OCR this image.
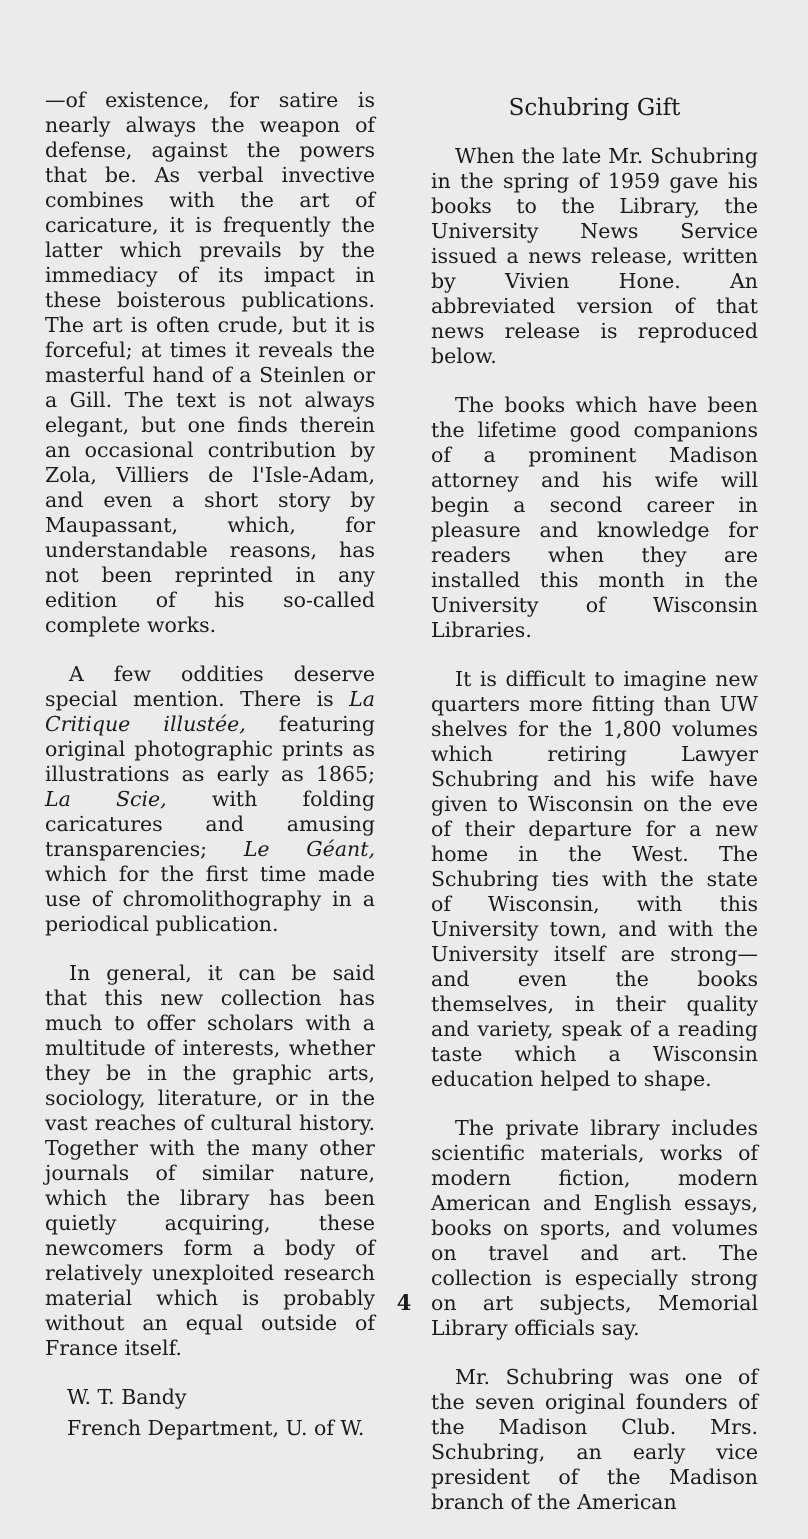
—of existence, for satire is nearly always the weapon of defense, against the powers that be. As verbal invective combines with the art of caricature, it is frequently the latter which prevails by the immediacy of its impact in these boisterous publications. The art is often crude, but it is forceful; at times it reveals the masterful hand of a Steinlen or a Gill. The text is not always elegant, but one finds therein an occasional contribution by Zola, Villiers de l'Isle-Adam, and even a short story by Maupassant, which, for understandable reasons, has not been reprinted in any edition of his so-called complete works.

A few oddities deserve special mention. There is La Critique illustée, featuring original photographic prints as illustrations as early as 1865; La Scie, with folding caricatures and amusing transparencies; Le Géant, which for the first time made use of chromolithography in a periodical publication.

In general, it can be said that this new collection has much to offer scholars with a multitude of interests, whether they be in the graphic arts, sociology, literature, or in the vast reaches of cultural history. Together with the many other journals of similar nature, which the library has been quietly acquiring, these newcomers form a body of relatively unexploited research material which is probably without an equal outside of France itself.

W. T. Bandy

French Department, U. of W.

Schubring Gift

When the late Mr. Schubring in the spring of 1959 gave his books to the Library, the University News Service issued a news release, written by Vivien Hone. An abbreviated version of that news release is reproduced below.

The books which have been the lifetime good companions of a prominent Madison attorney and his wife will begin a second career in pleasure and knowledge for readers when they are installed this month in the University of Wisconsin Libraries.

It is difficult to imagine new quarters more fitting than UW shelves for the 1,800 volumes which retiring Lawyer Schubring and his wife have given to Wisconsin on the eve of their departure for a new home in the West. The Schubring ties with the state of Wisconsin, with this University town, and with the University itself are strong—and even the books themselves, in their quality and variety, speak of a reading taste which a Wisconsin education helped to shape.

The private library includes scientific materials, works of modern fiction, modern American and English essays, books on sports, and volumes on travel and art. The collection is especially strong on art subjects, Memorial Library officials say.

Mr. Schubring was one of the seven original founders of the Madison Club. Mrs. Schubring, an early vice president of the Madison branch of the American

4
